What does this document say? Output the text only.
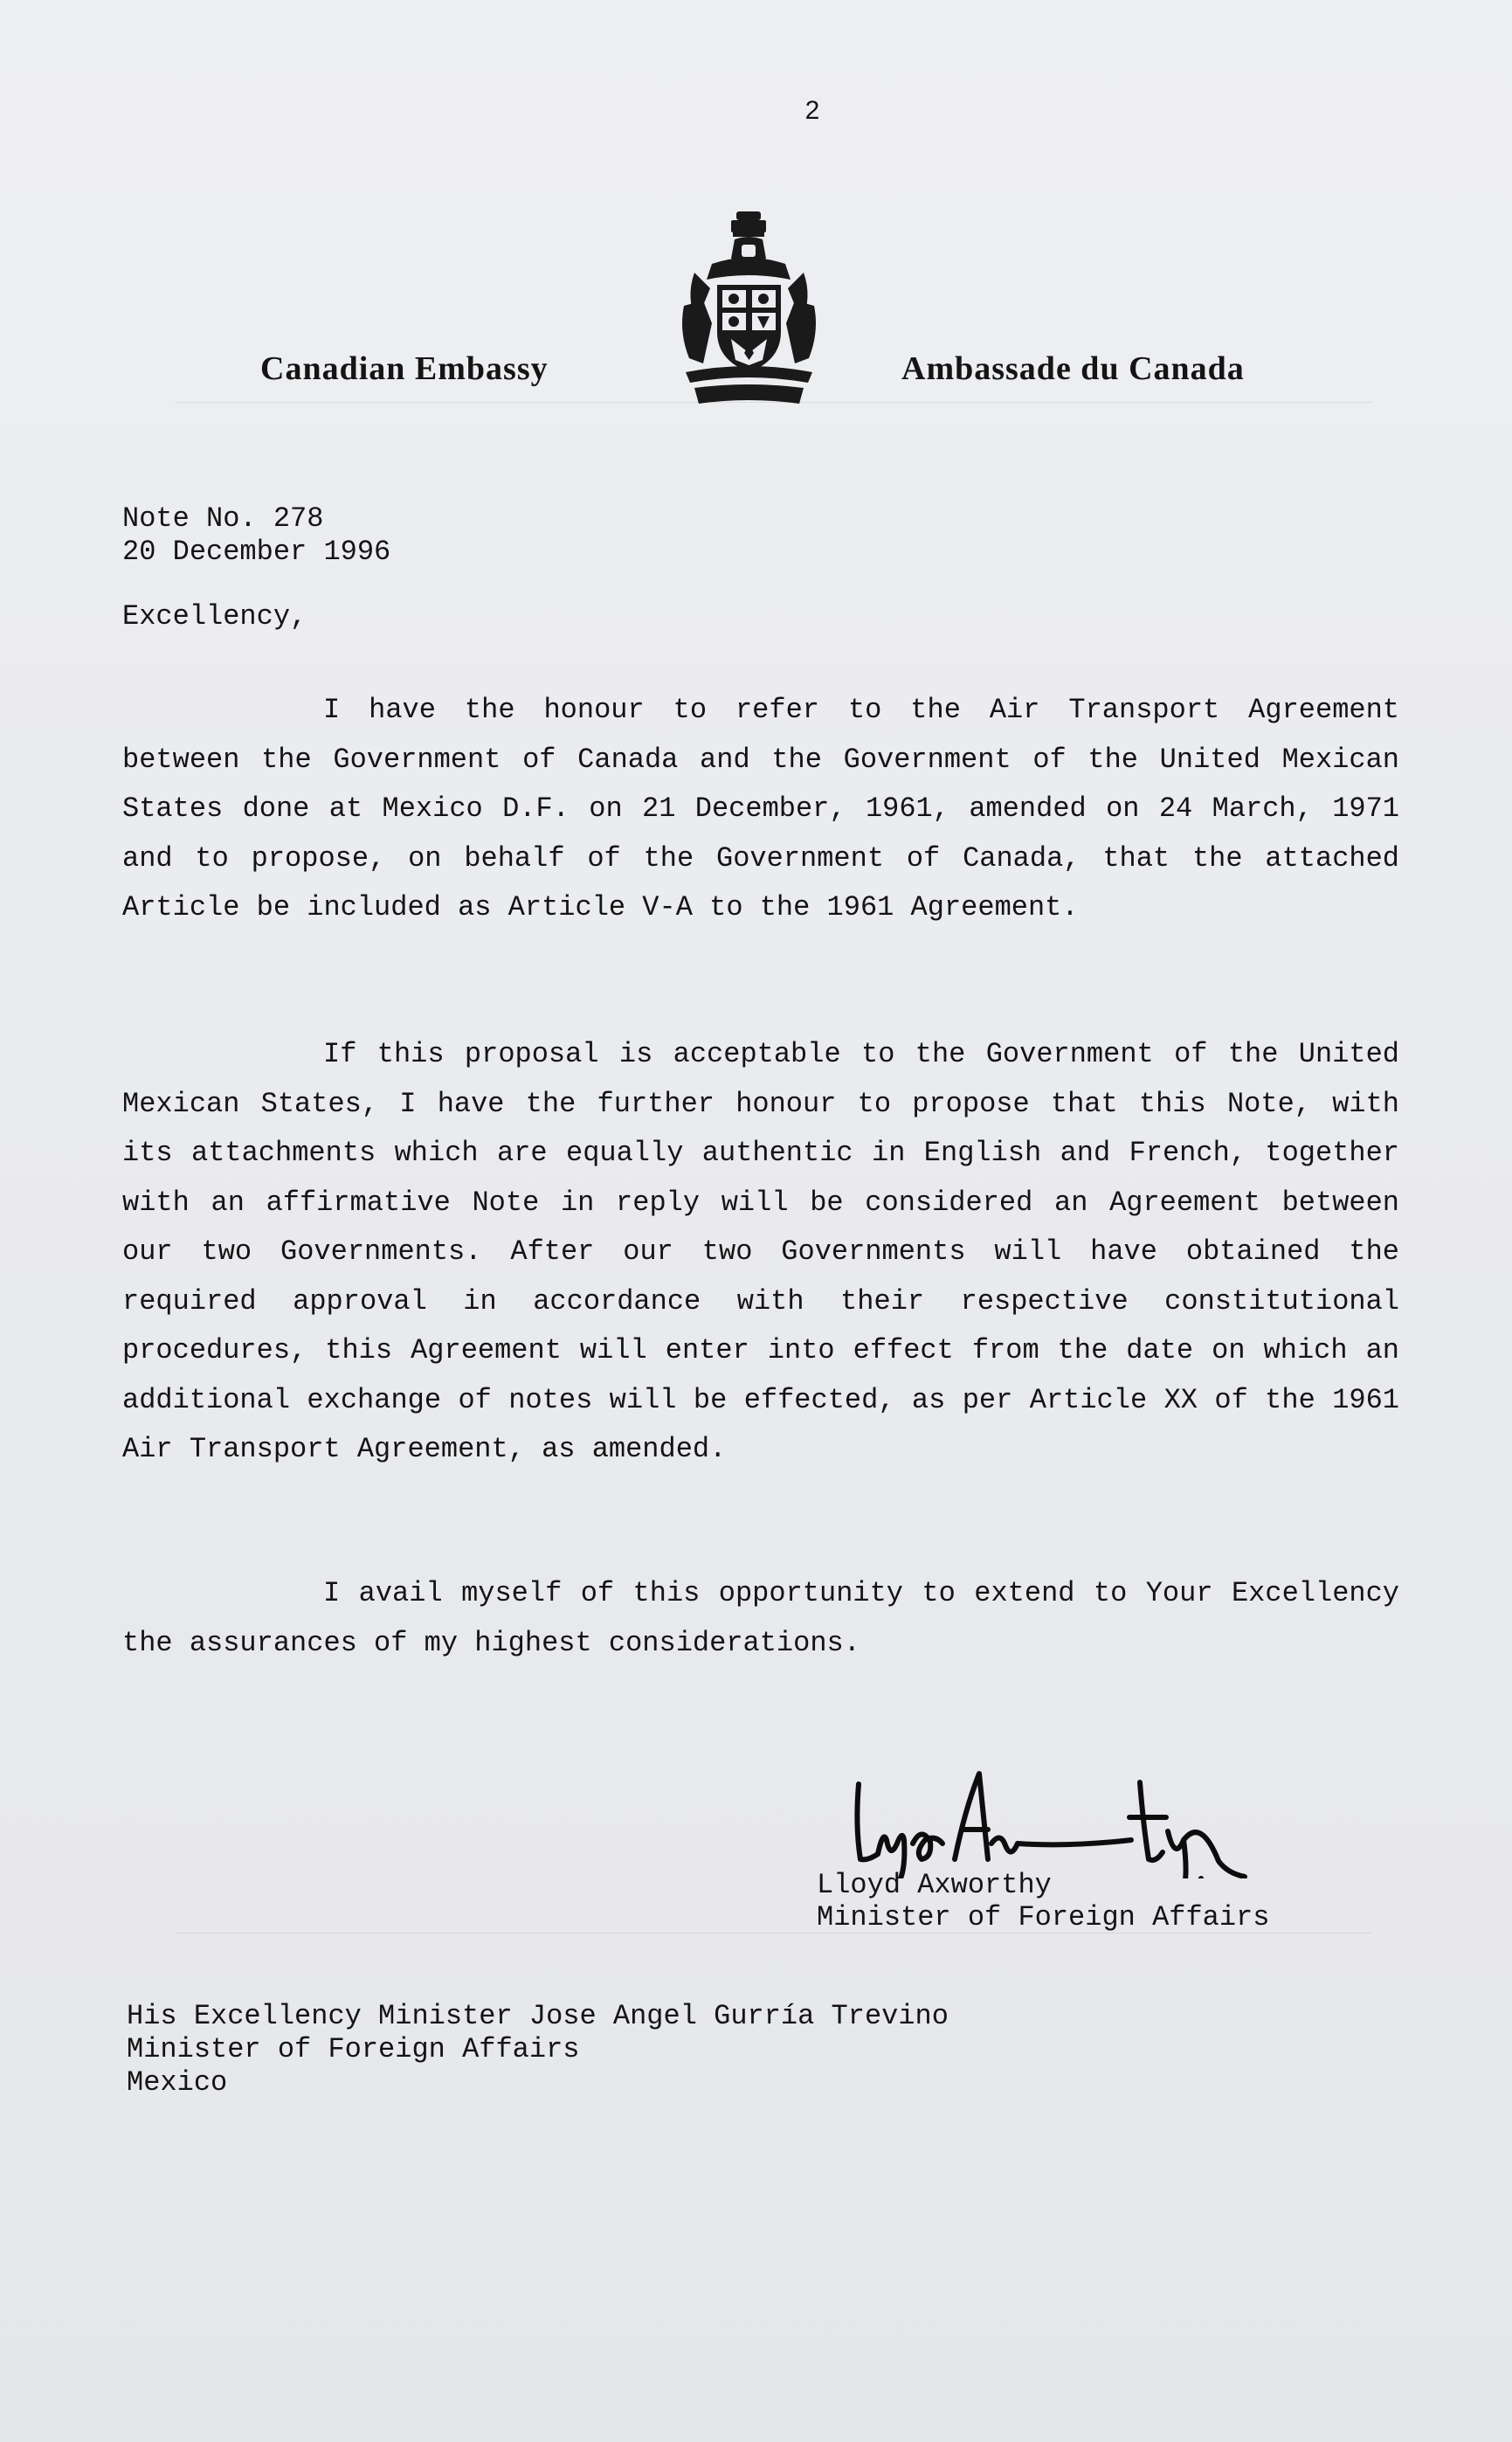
2
Canadian Embassy	Ambassade du Canada
Note No. 278
20 December 1996
Excellency,
I have the honour to refer to the Air Transport Agreement between the Government of Canada and the Government of the United Mexican States done at Mexico D.F. on 21 December, 1961, amended on 24 March, 1971 and to propose, on behalf of the Government of Canada, that the attached Article be included as Article V-A to the 1961 Agreement.
If this proposal is acceptable to the Government of the United Mexican States, I have the further honour to propose that this Note, with its attachments which are equally authentic in English and French, together with an affirmative Note in reply will be considered an Agreement between our two Governments. After our two Governments will have obtained the required approval in accordance with their respective constitutional procedures, this Agreement will enter into effect from the date on which an additional exchange of notes will be effected, as per Article XX of the 1961 Air Transport Agreement, as amended.
I avail myself of this opportunity to extend to Your Excellency the assurances of my highest considerations.
Lloyd Axworthy
Minister of Foreign Affairs
His Excellency Minister Jose Angel Gurría Trevino
Minister of Foreign Affairs
Mexico
